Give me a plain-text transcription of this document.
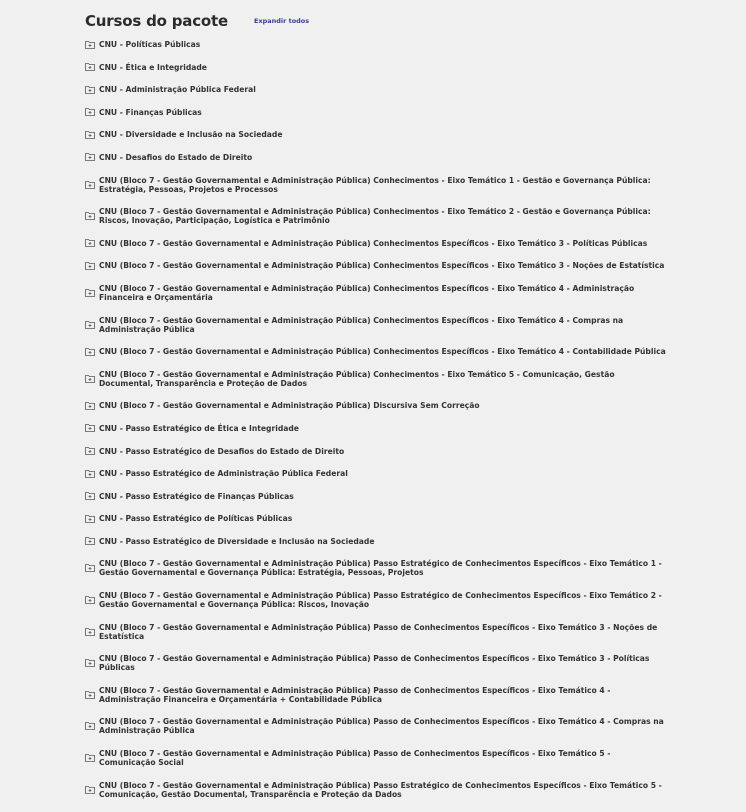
Cursos do pacote	Expandir todos
CNU - Políticas Públicas
CNU - Ética e Integridade
CNU - Administração Pública Federal
CNU - Finanças Públicas
CNU - Diversidade e Inclusão na Sociedade
CNU - Desafios do Estado de Direito
CNU (Bloco 7 - Gestão Governamental e Administração Pública) Conhecimentos - Eixo Temático 1 - Gestão e Governança Pública: Estratégia, Pessoas, Projetos e Processos
CNU (Bloco 7 - Gestão Governamental e Administração Pública) Conhecimentos - Eixo Temático 2 - Gestão e Governança Pública: Riscos, Inovação, Participação, Logística e Patrimônio
CNU (Bloco 7 - Gestão Governamental e Administração Pública) Conhecimentos Específicos - Eixo Temático 3 - Políticas Públicas
CNU (Bloco 7 - Gestão Governamental e Administração Pública) Conhecimentos Específicos - Eixo Temático 3 - Noções de Estatística
CNU (Bloco 7 - Gestão Governamental e Administração Pública) Conhecimentos Específicos - Eixo Temático 4 - Administração Financeira e Orçamentária
CNU (Bloco 7 - Gestão Governamental e Administração Pública) Conhecimentos Específicos - Eixo Temático 4 - Compras na Administração Pública
CNU (Bloco 7 - Gestão Governamental e Administração Pública) Conhecimentos Específicos - Eixo Temático 4 - Contabilidade Pública
CNU (Bloco 7 - Gestão Governamental e Administração Pública) Conhecimentos - Eixo Temático 5 - Comunicação, Gestão Documental, Transparência e Proteção de Dados
CNU (Bloco 7 - Gestão Governamental e Administração Pública) Discursiva Sem Correção
CNU - Passo Estratégico de Ética e Integridade
CNU - Passo Estratégico de Desafios do Estado de Direito
CNU - Passo Estratégico de Administração Pública Federal
CNU - Passo Estratégico de Finanças Públicas
CNU - Passo Estratégico de Políticas Públicas
CNU - Passo Estratégico de Diversidade e Inclusão na Sociedade
CNU (Bloco 7 - Gestão Governamental e Administração Pública) Passo Estratégico de Conhecimentos Específicos - Eixo Temático 1 - Gestão Governamental e Governança Pública: Estratégia, Pessoas, Projetos
CNU (Bloco 7 - Gestão Governamental e Administração Pública) Passo Estratégico de Conhecimentos Específicos - Eixo Temático 2 - Gestão Governamental e Governança Pública: Riscos, Inovação
CNU (Bloco 7 - Gestão Governamental e Administração Pública) Passo de Conhecimentos Específicos - Eixo Temático 3 - Noções de Estatística
CNU (Bloco 7 - Gestão Governamental e Administração Pública) Passo de Conhecimentos Específicos - Eixo Temático 3 - Políticas Públicas
CNU (Bloco 7 - Gestão Governamental e Administração Pública) Passo de Conhecimentos Específicos - Eixo Temático 4 - Administração Financeira e Orçamentária + Contabilidade Pública
CNU (Bloco 7 - Gestão Governamental e Administração Pública) Passo de Conhecimentos Específicos - Eixo Temático 4 - Compras na Administração Pública
CNU (Bloco 7 - Gestão Governamental e Administração Pública) Passo de Conhecimentos Específicos - Eixo Temático 5 - Comunicação Social
CNU (Bloco 7 - Gestão Governamental e Administração Pública) Passo Estratégico de Conhecimentos Específicos - Eixo Temático 5 - Comunicação, Gestão Documental, Transparência e Proteção da Dados
